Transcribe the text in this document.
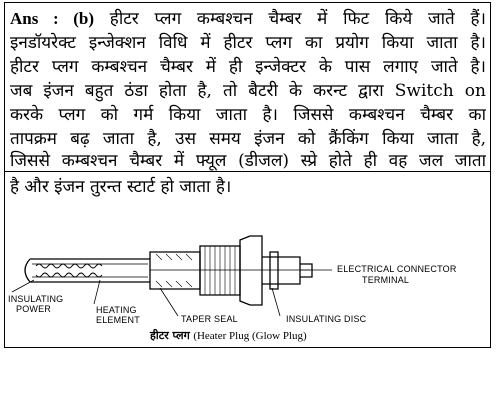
Ans : (b) हीटर प्लग कम्बश्चन चैम्बर में फिट किये जाते हैं।
इनडॉयरेक्ट इन्जेक्शन विधि में हीटर प्लग का प्रयोग किया जाता है।
हीटर प्लग कम्बश्चन चैम्बर में ही इन्जेक्टर के पास लगाए जाते है।
जब इंजन बहुत ठंडा होता है, तो बैटरी के करन्ट द्वारा Switch on
करके प्लग को गर्म किया जाता है। जिससे कम्बश्चन चैम्बर का
तापक्रम बढ़ जाता है, उस समय इंजन को क्रैंकिंग किया जाता है,
जिससे कम्बश्चन चैम्बर में फ्यूल (डीजल) स्प्रे होते ही वह जल जाता
है और इंजन तुरन्त स्टार्ट हो जाता है।
ELECTRICAL CONNECTOR
TERMINAL
INSULATING
POWER	HEATING
ELEMENT	TAPER SEAL	INSULATING DISC
हीटर प्लग (Heater Plug (Glow Plug)
